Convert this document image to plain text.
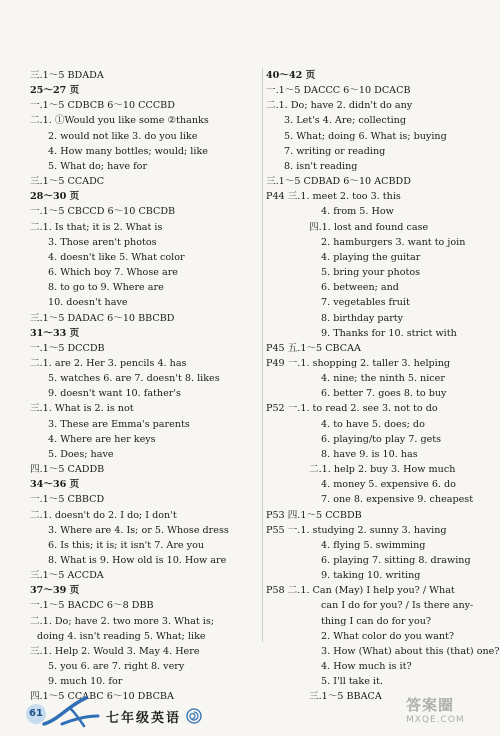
三.1～5 BDADA
25～27 页
一.1～5 CDBCB 6～10 CCCBD
二.1. ①Would you like some ②thanks
2. would not like 3. do you like
4. How many bottles; would; like
5. What do; have for
三.1～5 CCADC
28～30 页
一.1～5 CBCCD 6～10 CBCDB
二.1. Is that; it is 2. What is
3. Those aren't photos
4. doesn't like 5. What color
6. Which boy 7. Whose are
8. to go to 9. Where are
10. doesn't have
三.1～5 DADAC 6～10 BBCBD
31～33 页
一.1～5 DCCDB
二.1. are 2. Her 3. pencils 4. has
5. watches 6. are 7. doesn't 8. likes
9. doesn't want 10. father's
三.1. What is 2. is not
3. These are Emma's parents
4. Where are her keys
5. Does; have
四.1～5 CADDB
34～36 页
一.1～5 CBBCD
二.1. doesn't do 2. I do; I don't
3. Where are 4. Is; or 5. Whose dress
6. Is this; it is; it isn't 7. Are you
8. What is 9. How old is 10. How are
三.1～5 ACCDA
37～39 页
一.1～5 BACDC 6～8 DBB
二.1. Do; have 2. two more 3. What is;
doing 4. isn't reading 5. What; like
三.1. Help 2. Would 3. May 4. Here
5. you 6. are 7. right 8. very
9. much 10. for
四.1～5 CCABC 6～10 DBCBA
40～42 页
一.1～5 DACCC 6～10 DCACB
二.1. Do; have 2. didn't do any
3. Let's 4. Are; collecting
5. What; doing 6. What is; buying
7. writing or reading
8. isn't reading
三.1～5 CDBAD 6～10 ACBDD
P44 三.1. meet 2. too 3. this
4. from 5. How
四.1. lost and found case
2. hamburgers 3. want to join
4. playing the guitar
5. bring your photos
6. between; and
7. vegetables fruit
8. birthday party
9. Thanks for 10. strict with
P45 五.1～5 CBCAA
P49 一.1. shopping 2. taller 3. helping
4. nine; the ninth 5. nicer
6. better 7. goes 8. to buy
P52 一.1. to read 2. see 3. not to do
4. to have 5. does; do
6. playing/to play 7. gets
8. have 9. is 10. has
二.1. help 2. buy 3. How much
4. money 5. expensive 6. do
7. one 8. expensive 9. cheapest
P53 四.1～5 CCBDB
P55 一.1. studying 2. sunny 3. having
4. flying 5. swimming
6. playing 7. sitting 8. drawing
9. taking 10. writing
P58 二.1. Can (May) I help you? / What
can I do for you? / Is there any-
thing I can do for you?
2. What color do you want?
3. How (What) about this (that) one?
4. How much is it?
5. I'll take it.
三.1～5 BBACA
61	七年级英语
答案圈
MXQE.COM
